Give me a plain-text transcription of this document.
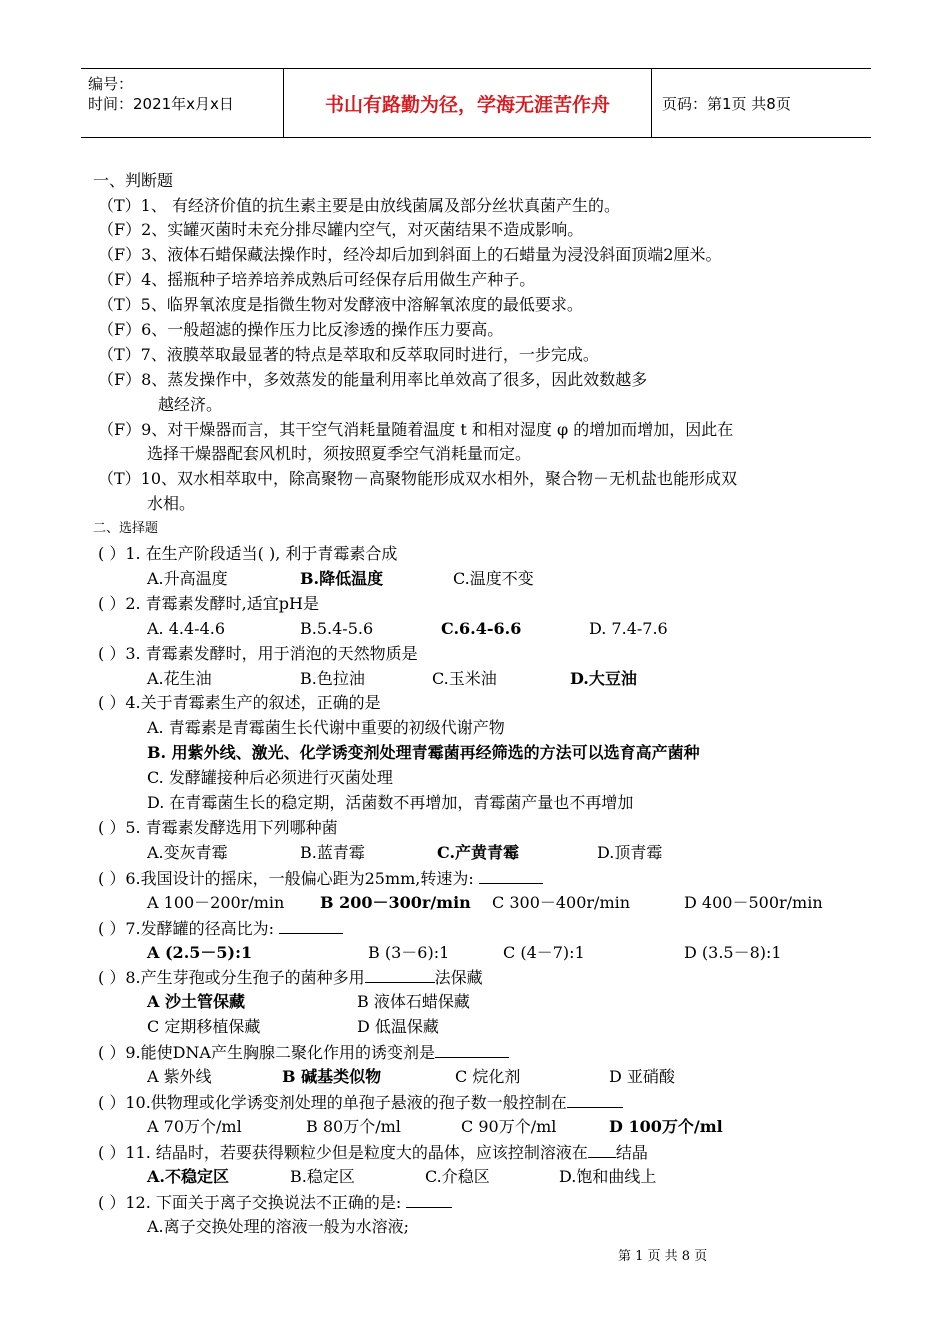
编号：
时间：2021年x月x日	书山有路勤为径，学海无涯苦作舟	页码：第1页 共8页
一、判断题
（T）1、 有经济价值的抗生素主要是由放线菌属及部分丝状真菌产生的。
（F）2、实罐灭菌时未充分排尽罐内空气，对灭菌结果不造成影响。
（F）3、液体石蜡保藏法操作时，经冷却后加到斜面上的石蜡量为浸没斜面顶端2厘米。
（F）4、摇瓶种子培养培养成熟后可经保存后用做生产种子。
（T）5、临界氧浓度是指微生物对发酵液中溶解氧浓度的最低要求。
（F）6、一般超滤的操作压力比反渗透的操作压力要高。
（T）7、液膜萃取最显著的特点是萃取和反萃取同时进行，一步完成。
（F）8、蒸发操作中，多效蒸发的能量利用率比单效高了很多，因此效数越多
越经济。
（F）9、对干燥器而言，其干空气消耗量随着温度 t 和相对湿度 φ 的增加而增加，因此在
选择干燥器配套风机时，须按照夏季空气消耗量而定。
（T）10、双水相萃取中，除高聚物－高聚物能形成双水相外，聚合物－无机盐也能形成双
水相。
二、选择题
( ）1. 在生产阶段适当( ), 利于青霉素合成
A.升高温度	B.降低温度	C.温度不变
( ）2. 青霉素发酵时,适宜pH是
A. 4.4-4.6	B.5.4-5.6	C.6.4-6.6	D. 7.4-7.6
( ）3. 青霉素发酵时，用于消泡的天然物质是
A.花生油	B.色拉油	C.玉米油	D.大豆油
( ）4.关于青霉素生产的叙述，正确的是
A. 青霉素是青霉菌生长代谢中重要的初级代谢产物
B. 用紫外线、激光、化学诱变剂处理青霉菌再经筛选的方法可以选育高产菌种
C. 发酵罐接种后必须进行灭菌处理
D. 在青霉菌生长的稳定期，活菌数不再增加，青霉菌产量也不再增加
( ）5. 青霉素发酵选用下列哪种菌
A.变灰青霉	B.蓝青霉	C.产黄青霉	D.顶青霉
( ）6.我国设计的摇床，一般偏心距为25mm,转速为:
A 100－200r/min B 200－300r/min C 300－400r/min	D 400－500r/min
( ）7.发酵罐的径高比为:
A (2.5－5):1	B (3－6):1	C (4－7):1	D (3.5－8):1
( ）8.产生芽孢或分生孢子的菌种多用	法保藏
A 沙土管保藏	B 液体石蜡保藏
C 定期移植保藏	D 低温保藏
( ）9.能使DNA产生胸腺二聚化作用的诱变剂是
A 紫外线	B 碱基类似物	C 烷化剂	D 亚硝酸
( ）10.供物理或化学诱变剂处理的单孢子悬液的孢子数一般控制在
A 70万个/ml	B 80万个/ml	C 90万个/ml	D 100万个/ml
( ）11. 结晶时，若要获得颗粒少但是粒度大的晶体，应该控制溶液在 结晶
A.不稳定区	B.稳定区	C.介稳区	D.饱和曲线上
( ）12. 下面关于离子交换说法不正确的是:
A.离子交换处理的溶液一般为水溶液;
第 1 页 共 8 页
